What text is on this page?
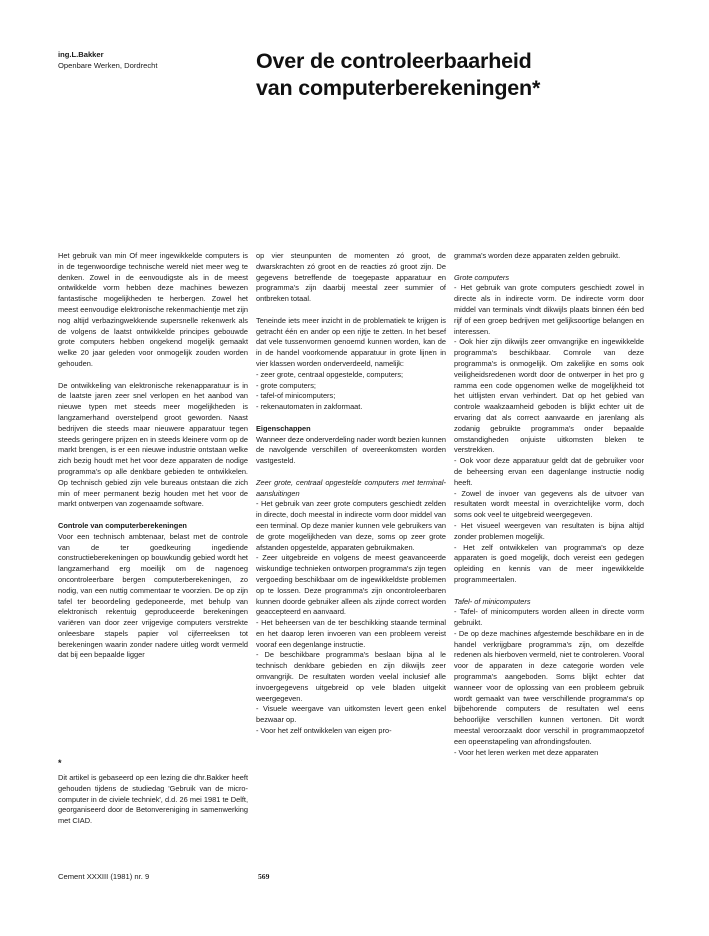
ing.L.Bakker
Openbare Werken, Dordrecht	Over de controleerbaarheid
van computerberekeningen*

Het gebruik van min Of meer ingewikkelde computers is in de tegenwoordige technische wereld niet meer weg te denken. Zowel in de eenvoudigste als in de meest ontwikkelde vorm hebben deze machines bewezen fantastische mogelijkheden te herbergen. Zowel het meest eenvoudige elektronische rekenmachientje met zijn nog altijd verbazingwekkende supersnelle rekenwerk als de volgens de laatst ontwikkelde principes gebouwde grote computers hebben ongekend mogelijk gemaakt welke 20 jaar geleden voor onmogelijk zouden worden gehouden.

De ontwikkeling van elektronische rekenapparatuur is in de laatste jaren zeer snel verlopen en het aanbod van nieuwe typen met steeds meer mogelijkheden is langzamerhand overstelpend groot geworden. Naast bedrijven die steeds maar nieuwere apparatuur tegen steeds geringere prijzen en in steeds kleinere vorm op de markt brengen, is er een nieuwe industrie ontstaan welke zich bezig houdt met het voor deze apparaten de nodige programma's op alle denkbare gebieden te ontwikkelen. Op technisch gebied zijn vele bureaus ontstaan die zich min of meer permanent bezig houden met het voor de markt ontwerpen van zogenaamde software.

Controle van computerberekeningen

Voor een technisch ambtenaar, belast met de controle van de ter goedkeuring ingediende constructieberekeningen op bouwkundig gebied wordt het langzamerhand erg moeilijk om de nagenoeg oncontroleerbare bergen computerberekeningen, zo nodig, van een nuttig commentaar te voorzien. De op zijn tafel ter beoordeling gedeponeerde, met behulp van elektronisch rekentuig geproduceerde berekeningen variëren van door zeer vrijgevige computers verstrekte onleesbare stapels papier vol cijferreeksen tot berekeningen waarin zonder nadere uitleg wordt vermeld dat bij een bepaalde ligger

*
Dit artikel is gebaseerd op een lezing die dhr.Bakker heeft gehouden tijdens de studiedag 'Gebruik van de micro-computer in de civiele techniek', d.d. 26 mei 1981 te Delft, georganiseerd door de Betonvereniging in samenwerking met CIAD.

op vier steunpunten de momenten zó groot, de dwarskrachten zó groot en de reacties zó groot zijn. De gegevens betreffende de toegepaste apparatuur en programma's zijn daarbij meestal zeer summier of ontbreken totaal.

Teneinde iets meer inzicht in de problematiek te krijgen is getracht één en ander op een rijtje te zetten. In het besef dat vele tussenvormen genoemd kunnen worden, kan de in de handel voorkomende apparatuur in grote lijnen in vier klassen worden onderverdeeld, namelijk:

- zeer grote, centraal opgestelde, computers;
- grote computers;
- tafel-of minicomputers;
- rekenautomaten in zakformaat.
Eigenschappen

Wanneer deze onderverdeling nader wordt bezien kunnen de navolgende verschillen of overeenkomsten worden vastgesteld.

Zeer grote, centraal opgestelde computers met terminal-aansluitingen

- Het gebruik van zeer grote computers geschiedt zelden in directe, doch meestal in indirecte vorm door middel van een terminal. Op deze manier kunnen vele gebruikers van de grote mogelijkheden van deze, soms op zeer grote afstanden opgestelde, apparaten gebruikmaken.

- Zeer uitgebreide en volgens de meest geavanceerde wiskundige technieken ontworpen programma's zijn tegen vergoeding beschikbaar om de ingewikkeldste problemen op te lossen. Deze programma's zijn oncontroleerbaren kunnen doorde gebruiker alleen als zijnde correct worden geaccepteerd en aanvaard.

- Het beheersen van de ter beschikking staande terminal en het daarop leren invoeren van een probleem vereist vooraf een degenlange instructie.

- De beschikbare programma's beslaan bijna al le technisch denkbare gebieden en zijn dikwijls zeer omvangrijk. De resultaten worden veelal inclusief alle invoergegevens uitgebreid op vele bladen uitgekit weergegeven.

- Visuele weergave van uitkomsten levert geen enkel bezwaar op.

- Voor het zelf ontwikkelen van eigen pro-

gramma's worden deze apparaten zelden gebruikt.

Grote computers

- Het gebruik van grote computers geschiedt zowel in directe als in indirecte vorm. De indirecte vorm door middel van terminals vindt dikwijls plaats binnen één bed rijf of een groep bedrijven met gelijksoortige belangen en interessen.

- Ook hier zijn dikwijls zeer omvangrijke en ingewikkelde programma's beschikbaar. Comrole van deze programma's is onmogelijk. Om zakelijke en soms ook veiligheidsredenen wordt door de ontwerper in het pro g ramma een code opgenomen welke de mogelijkheid tot het uitlijsten ervan verhindert. Dat op het gebied van controle waakzaamheid geboden is blijkt echter uit de ervaring dat als correct aanvaarde en jarenlang als zodanig gebruikte programma's onder bepaalde omstandigheden onjuiste uitkomsten bleken te verstrekken.

- Ook voor deze apparatuur geldt dat de gebruiker voor de beheersing ervan een dagenlange instructie nodig heeft.

- Zowel de invoer van gegevens als de uitvoer van resultaten wordt meestal in overzichtelijke vorm, doch soms ook veel te uitgebreid weergegeven.

- Het visueel weergeven van resultaten is bijna altijd zonder problemen mogelijk.

- Het zelf ontwikkelen van programma's op deze apparaten is goed mogelijk, doch vereist een gedegen opleiding en kennis van de meer ingewikkelde programmeertalen.

Tafel- of minicomputers

- Tafel- of minicomputers worden alleen in directe vorm gebruikt.

- De op deze machines afgestemde beschikbare en in de handel verkrijgbare programma's zijn, om dezelfde redenen als hierboven vermeld, niet te controleren. Vooral voor de apparaten in deze categorie worden vele programma's aangeboden. Soms blijkt echter dat wanneer voor de oplossing van een probleem gebruik wordt gemaakt van twee verschillende programma's op bijbehorende computers de resultaten wel eens behoorlijke verschillen kunnen vertonen. Dit wordt meestal veroorzaakt door verschil in programmaopzetof een opeenstapeling van afrondingsfouten.

- Voor het leren werken met deze apparaten

Cement XXXIII (1981) nr. 9	569
